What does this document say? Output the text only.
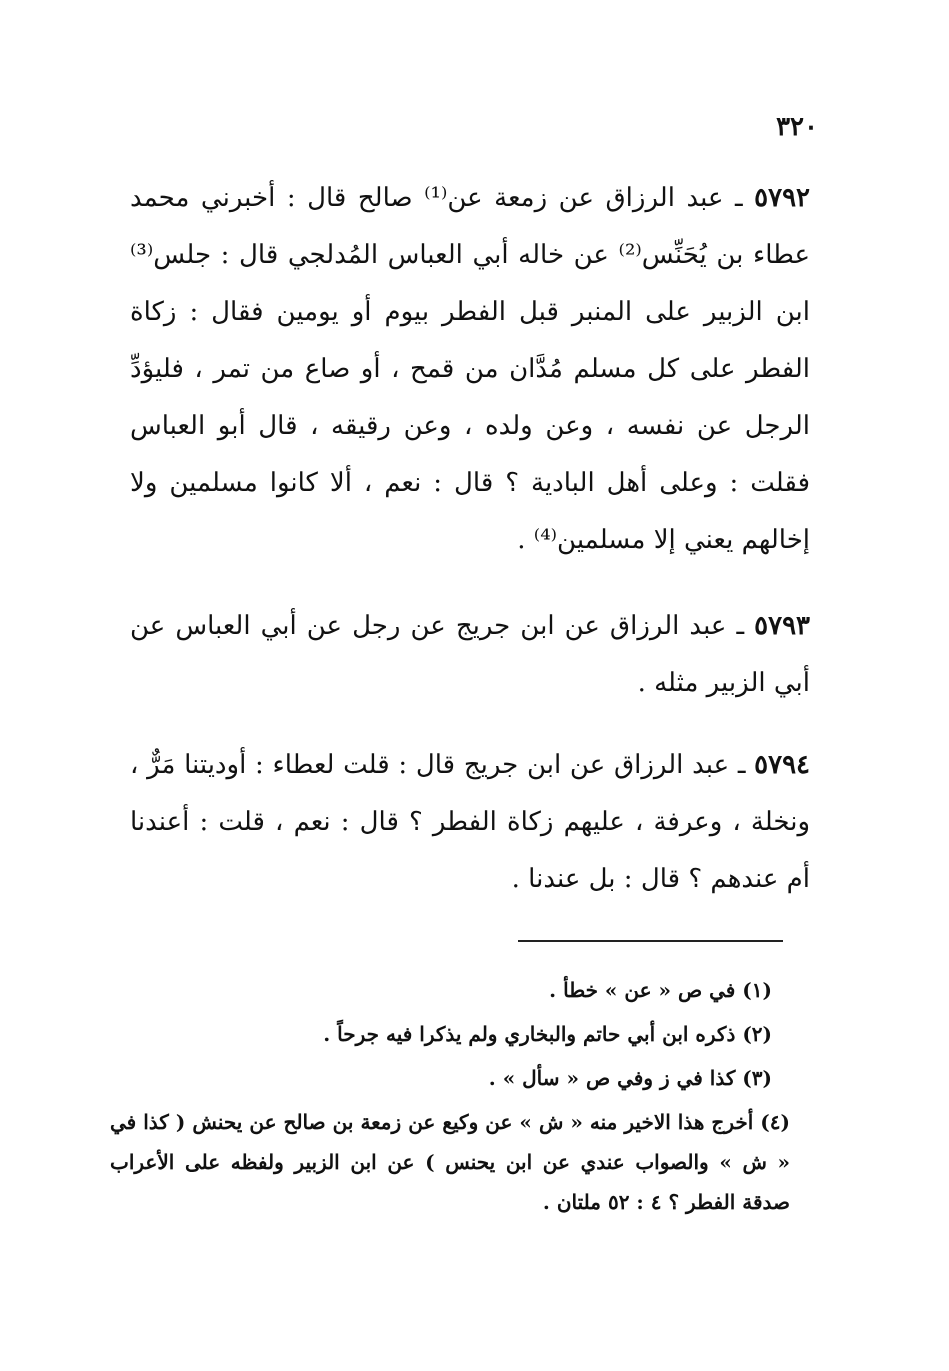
٣٢٠

٥٧٩٢ ـ عبد الرزاق عن زمعة عن⁽¹⁾ صالح قال : أخبرني محمد عطاء بن يُحَنِّس⁽²⁾ عن خاله أبي العباس المُدلجي قال : جلس⁽³⁾ ابن الزبير على المنبر قبل الفطر بيوم أو يومين فقال : زكاة الفطر على كل مسلم مُدَّان من قمح ، أو صاع من تمر ، فليؤدِّ الرجل عن نفسه ، وعن ولده ، وعن رقيقه ، قال أبو العباس فقلت : وعلى أهل البادية ؟ قال : نعم ، ألا كانوا مسلمين ولا إخالهم يعني إلا مسلمين⁽⁴⁾ .

٥٧٩٣ ـ عبد الرزاق عن ابن جريج عن رجل عن أبي العباس عن أبي الزبير مثله .

٥٧٩٤ ـ عبد الرزاق عن ابن جريج قال : قلت لعطاء : أوديتنا مَرٌّ ، ونخلة ، وعرفة ، عليهم زكاة الفطر ؟ قال : نعم ، قلت : أعندنا أم عندهم ؟ قال : بل عندنا .

(١) في ص « عن » خطأ .

(٢) ذكره ابن أبي حاتم والبخاري ولم يذكرا فيه جرحاً .

(٣) كذا في ز وفي ص « سأل » .

(٤) أخرج هذا الاخير منه « ش » عن وكيع عن زمعة بن صالح عن يحنش ( كذا في « ش » والصواب عندي عن ابن يحنس ) عن ابن الزبير ولفظه على الأعراب صدقة الفطر ؟ ٤ : ٥٢ ملتان .
